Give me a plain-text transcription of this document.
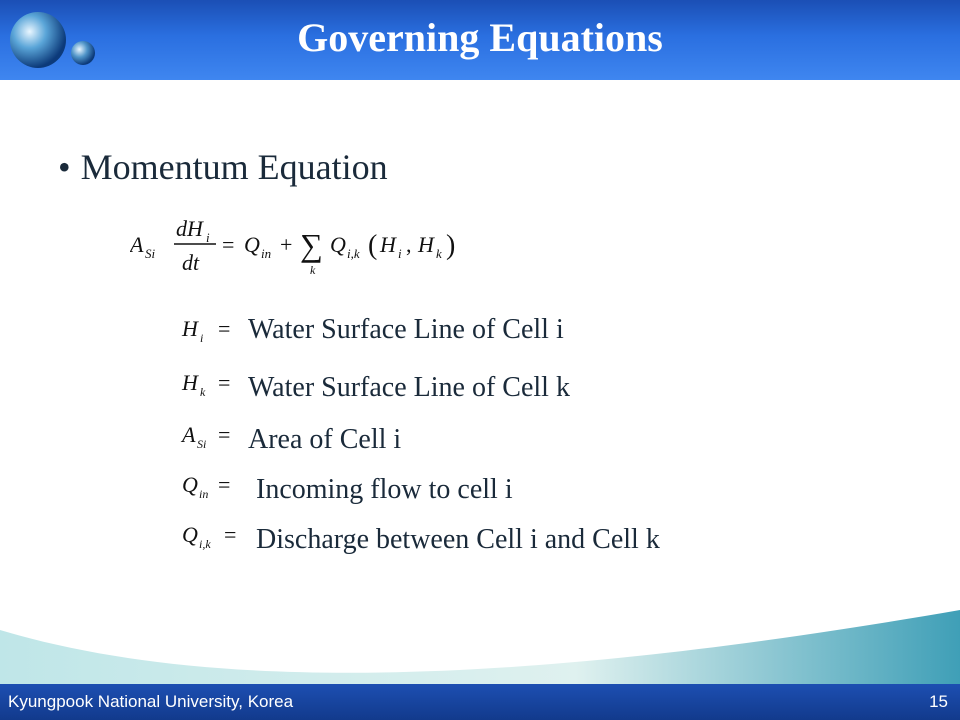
Governing Equations
• Momentum Equation
A Si
dH i
dt
= Q in + ∑
k
Q i,k ( H i , H k )
H i = Water Surface Line of Cell i
H k = Water Surface Line of Cell k
A Si = Area of Cell i
Q in = Incoming flow to cell i
Q i,k = Discharge between Cell i and Cell k
Kyungpook National University, Korea	15
